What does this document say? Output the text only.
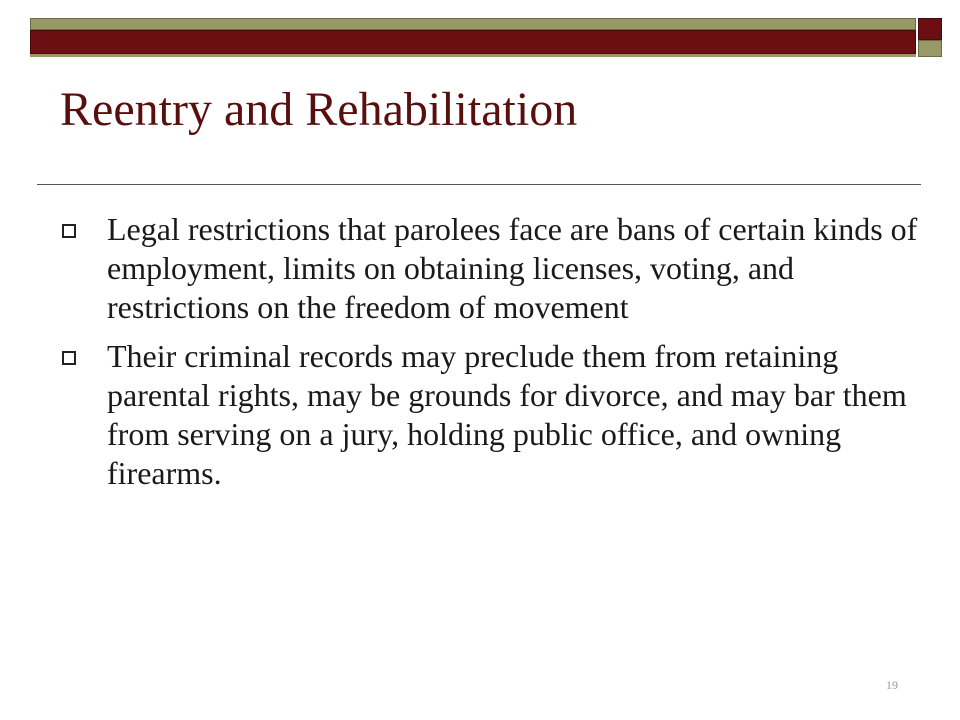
Reentry and Rehabilitation
Legal restrictions that parolees face are bans of certain kinds of employment, limits on obtaining licenses, voting, and restrictions on the freedom of movement
Their criminal records may preclude them from retaining parental rights, may be grounds for divorce, and may bar them from serving on a jury, holding public office, and owning firearms.
19
